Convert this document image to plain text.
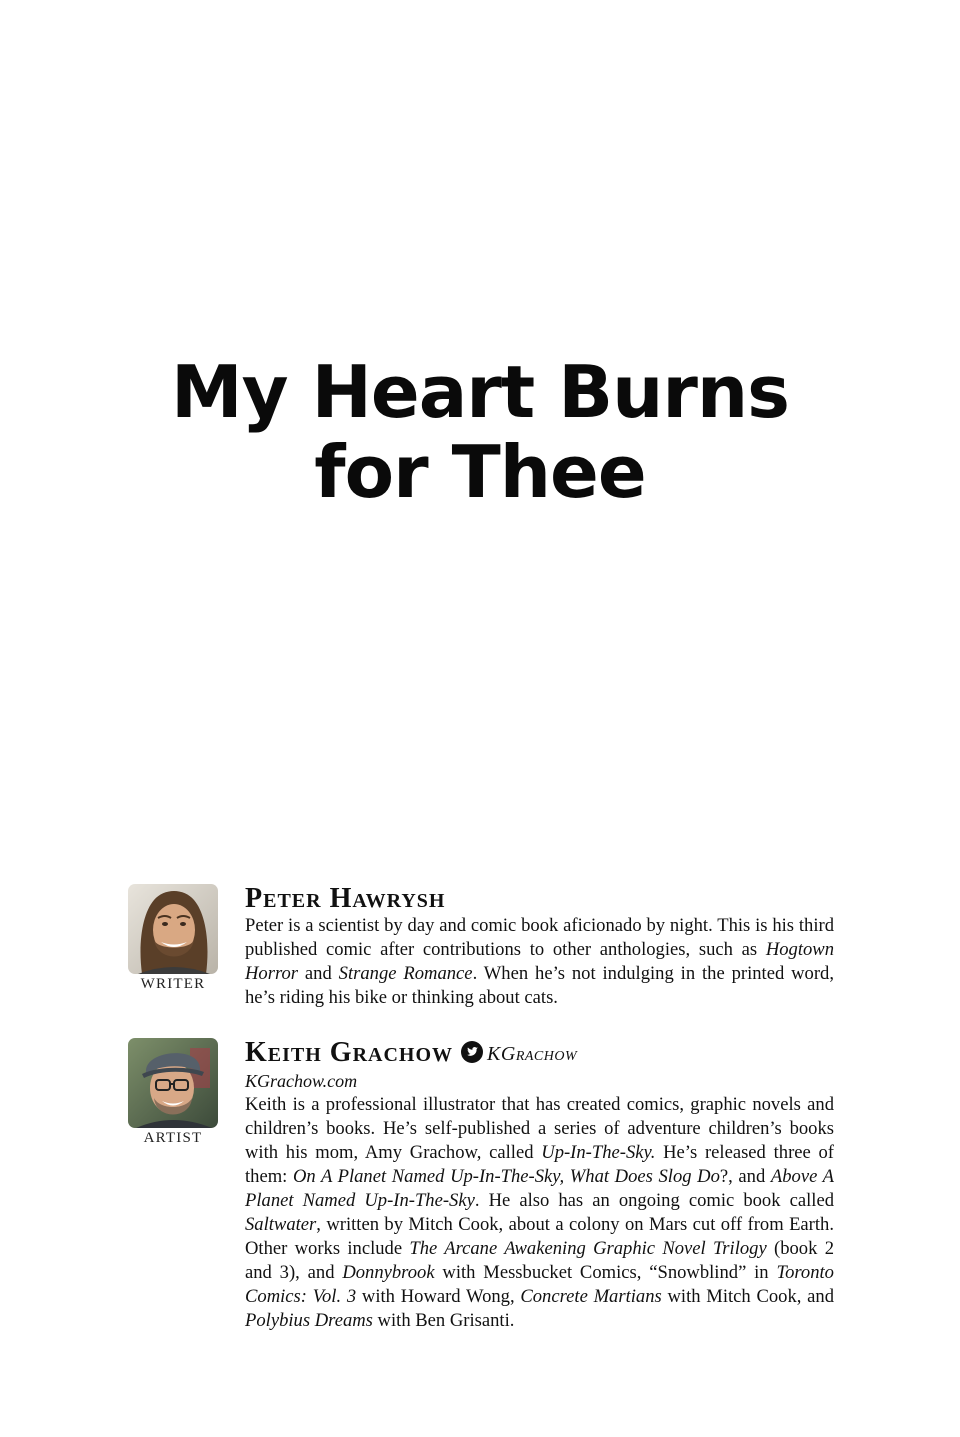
My Heart Burns
for Thee
WRITER
Peter Hawrysh

Peter is a scientist by day and comic book aficionado by night. This is his third published comic after contributions to other anthologies, such as Hogtown Horror and Strange Romance. When he’s not indulging in the printed word, he’s riding his bike or thinking about cats.

ARTIST
Keith Grachow KGrachow
KGrachow.com

Keith is a professional illustrator that has created comics, graphic novels and children’s books. He’s self-published a series of adventure children’s books with his mom, Amy Grachow, called Up-In-The-Sky. He’s released three of them: On A Planet Named Up-In-The-Sky, What Does Slog Do?, and Above A Planet Named Up-In-The-Sky. He also has an ongoing comic book called Saltwater, written by Mitch Cook, about a colony on Mars cut off from Earth. Other works include The Arcane Awakening Graphic Novel Trilogy (book 2 and 3), and Donnybrook with Messbucket Comics, “Snowblind” in Toronto Comics: Vol. 3 with Howard Wong, Concrete Martians with Mitch Cook, and Polybius Dreams with Ben Grisanti.
